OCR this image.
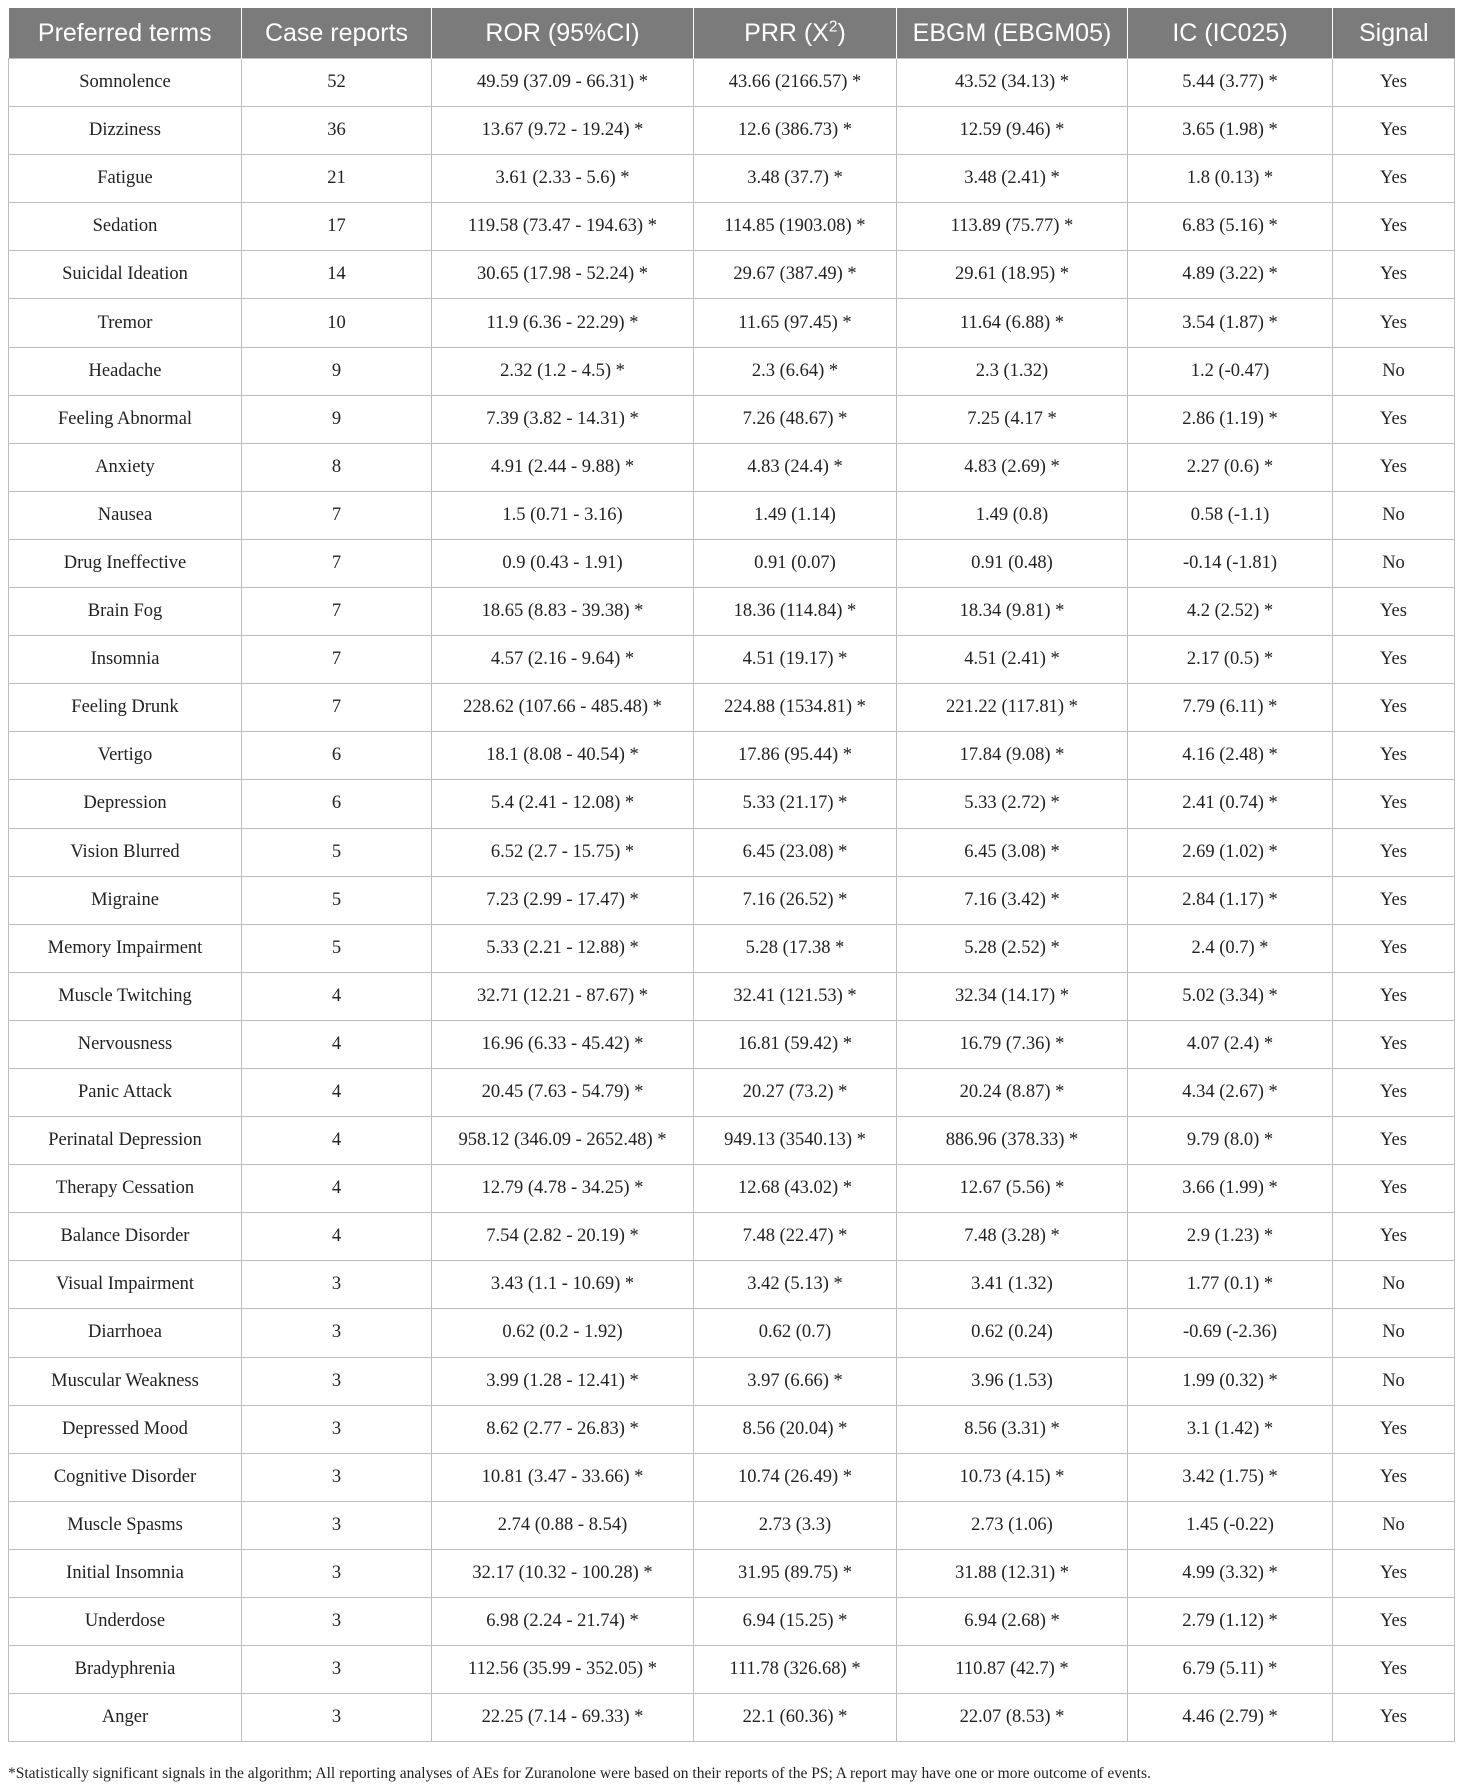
Preferred terms	Case reports	ROR (95%CI)	PRR $(X^2)$	EBGM (EBGM05)	IC (IC025)	Signal
Somnolence	52	49.59 (37.09 - 66.31) *	43.66 (2166.57) *	43.52 (34.13) *	5.44 (3.77) *	Yes
Dizziness	36	13.67 (9.72 - 19.24) *	12.6 (386.73) *	12.59 (9.46) *	3.65 (1.98) *	Yes
Fatigue	21	3.61 (2.33 - 5.6) *	3.48 (37.7) *	3.48 (2.41) *	1.8 (0.13) *	Yes
Sedation	17	119.58 (73.47 - 194.63) *	114.85 (1903.08) *	113.89 (75.77) *	6.83 (5.16) *	Yes
Suicidal Ideation	14	30.65 (17.98 - 52.24) *	29.67 (387.49) *	29.61 (18.95) *	4.89 (3.22) *	Yes
Tremor	10	11.9 (6.36 - 22.29) *	11.65 (97.45) *	11.64 (6.88) *	3.54 (1.87) *	Yes
Headache	9	2.32 (1.2 - 4.5) *	2.3 (6.64) *	2.3 (1.32)	1.2 (-0.47)	No
Feeling Abnormal	9	7.39 (3.82 - 14.31) *	7.26 (48.67) *	7.25 (4.17 *	2.86 (1.19) *	Yes
Anxiety	8	4.91 (2.44 - 9.88) *	4.83 (24.4) *	4.83 (2.69) *	2.27 (0.6) *	Yes
Nausea	7	1.5 (0.71 - 3.16)	1.49 (1.14)	1.49 (0.8)	0.58 (-1.1)	No
Drug Ineffective	7	0.9 (0.43 - 1.91)	0.91 (0.07)	0.91 (0.48)	-0.14 (-1.81)	No
Brain Fog	7	18.65 (8.83 - 39.38) *	18.36 (114.84) *	18.34 (9.81) *	4.2 (2.52) *	Yes
Insomnia	7	4.57 (2.16 - 9.64) *	4.51 (19.17) *	4.51 (2.41) *	2.17 (0.5) *	Yes
Feeling Drunk	7	228.62 (107.66 - 485.48) *	224.88 (1534.81) *	221.22 (117.81) *	7.79 (6.11) *	Yes
Vertigo	6	18.1 (8.08 - 40.54) *	17.86 (95.44) *	17.84 (9.08) *	4.16 (2.48) *	Yes
Depression	6	5.4 (2.41 - 12.08) *	5.33 (21.17) *	5.33 (2.72) *	2.41 (0.74) *	Yes
Vision Blurred	5	6.52 (2.7 - 15.75) *	6.45 (23.08) *	6.45 (3.08) *	2.69 (1.02) *	Yes
Migraine	5	7.23 (2.99 - 17.47) *	7.16 (26.52) *	7.16 (3.42) *	2.84 (1.17) *	Yes
Memory Impairment	5	5.33 (2.21 - 12.88) *	5.28 (17.38 *	5.28 (2.52) *	2.4 (0.7) *	Yes
Muscle Twitching	4	32.71 (12.21 - 87.67) *	32.41 (121.53) *	32.34 (14.17) *	5.02 (3.34) *	Yes
Nervousness	4	16.96 (6.33 - 45.42) *	16.81 (59.42) *	16.79 (7.36) *	4.07 (2.4) *	Yes
Panic Attack	4	20.45 (7.63 - 54.79) *	20.27 (73.2) *	20.24 (8.87) *	4.34 (2.67) *	Yes
Perinatal Depression	4	958.12 (346.09 - 2652.48) *	949.13 (3540.13) *	886.96 (378.33) *	9.79 (8.0) *	Yes
Therapy Cessation	4	12.79 (4.78 - 34.25) *	12.68 (43.02) *	12.67 (5.56) *	3.66 (1.99) *	Yes
Balance Disorder	4	7.54 (2.82 - 20.19) *	7.48 (22.47) *	7.48 (3.28) *	2.9 (1.23) *	Yes
Visual Impairment	3	3.43 (1.1 - 10.69) *	3.42 (5.13) *	3.41 (1.32)	1.77 (0.1) *	No
Diarrhoea	3	0.62 (0.2 - 1.92)	0.62 (0.7)	0.62 (0.24)	-0.69 (-2.36)	No
Muscular Weakness	3	3.99 (1.28 - 12.41) *	3.97 (6.66) *	3.96 (1.53)	1.99 (0.32) *	No
Depressed Mood	3	8.62 (2.77 - 26.83) *	8.56 (20.04) *	8.56 (3.31) *	3.1 (1.42) *	Yes
Cognitive Disorder	3	10.81 (3.47 - 33.66) *	10.74 (26.49) *	10.73 (4.15) *	3.42 (1.75) *	Yes
Muscle Spasms	3	2.74 (0.88 - 8.54)	2.73 (3.3)	2.73 (1.06)	1.45 (-0.22)	No
Initial Insomnia	3	32.17 (10.32 - 100.28) *	31.95 (89.75) *	31.88 (12.31) *	4.99 (3.32) *	Yes
Underdose	3	6.98 (2.24 - 21.74) *	6.94 (15.25) *	6.94 (2.68) *	2.79 (1.12) *	Yes
Bradyphrenia	3	112.56 (35.99 - 352.05) *	111.78 (326.68) *	110.87 (42.7) *	6.79 (5.11) *	Yes
Anger	3	22.25 (7.14 - 69.33) *	22.1 (60.36) *	22.07 (8.53) *	4.46 (2.79) *	Yes
*Statistically significant signals in the algorithm; All reporting analyses of AEs for Zuranolone were based on their reports of the PS; A report may have one or more outcome of events.
